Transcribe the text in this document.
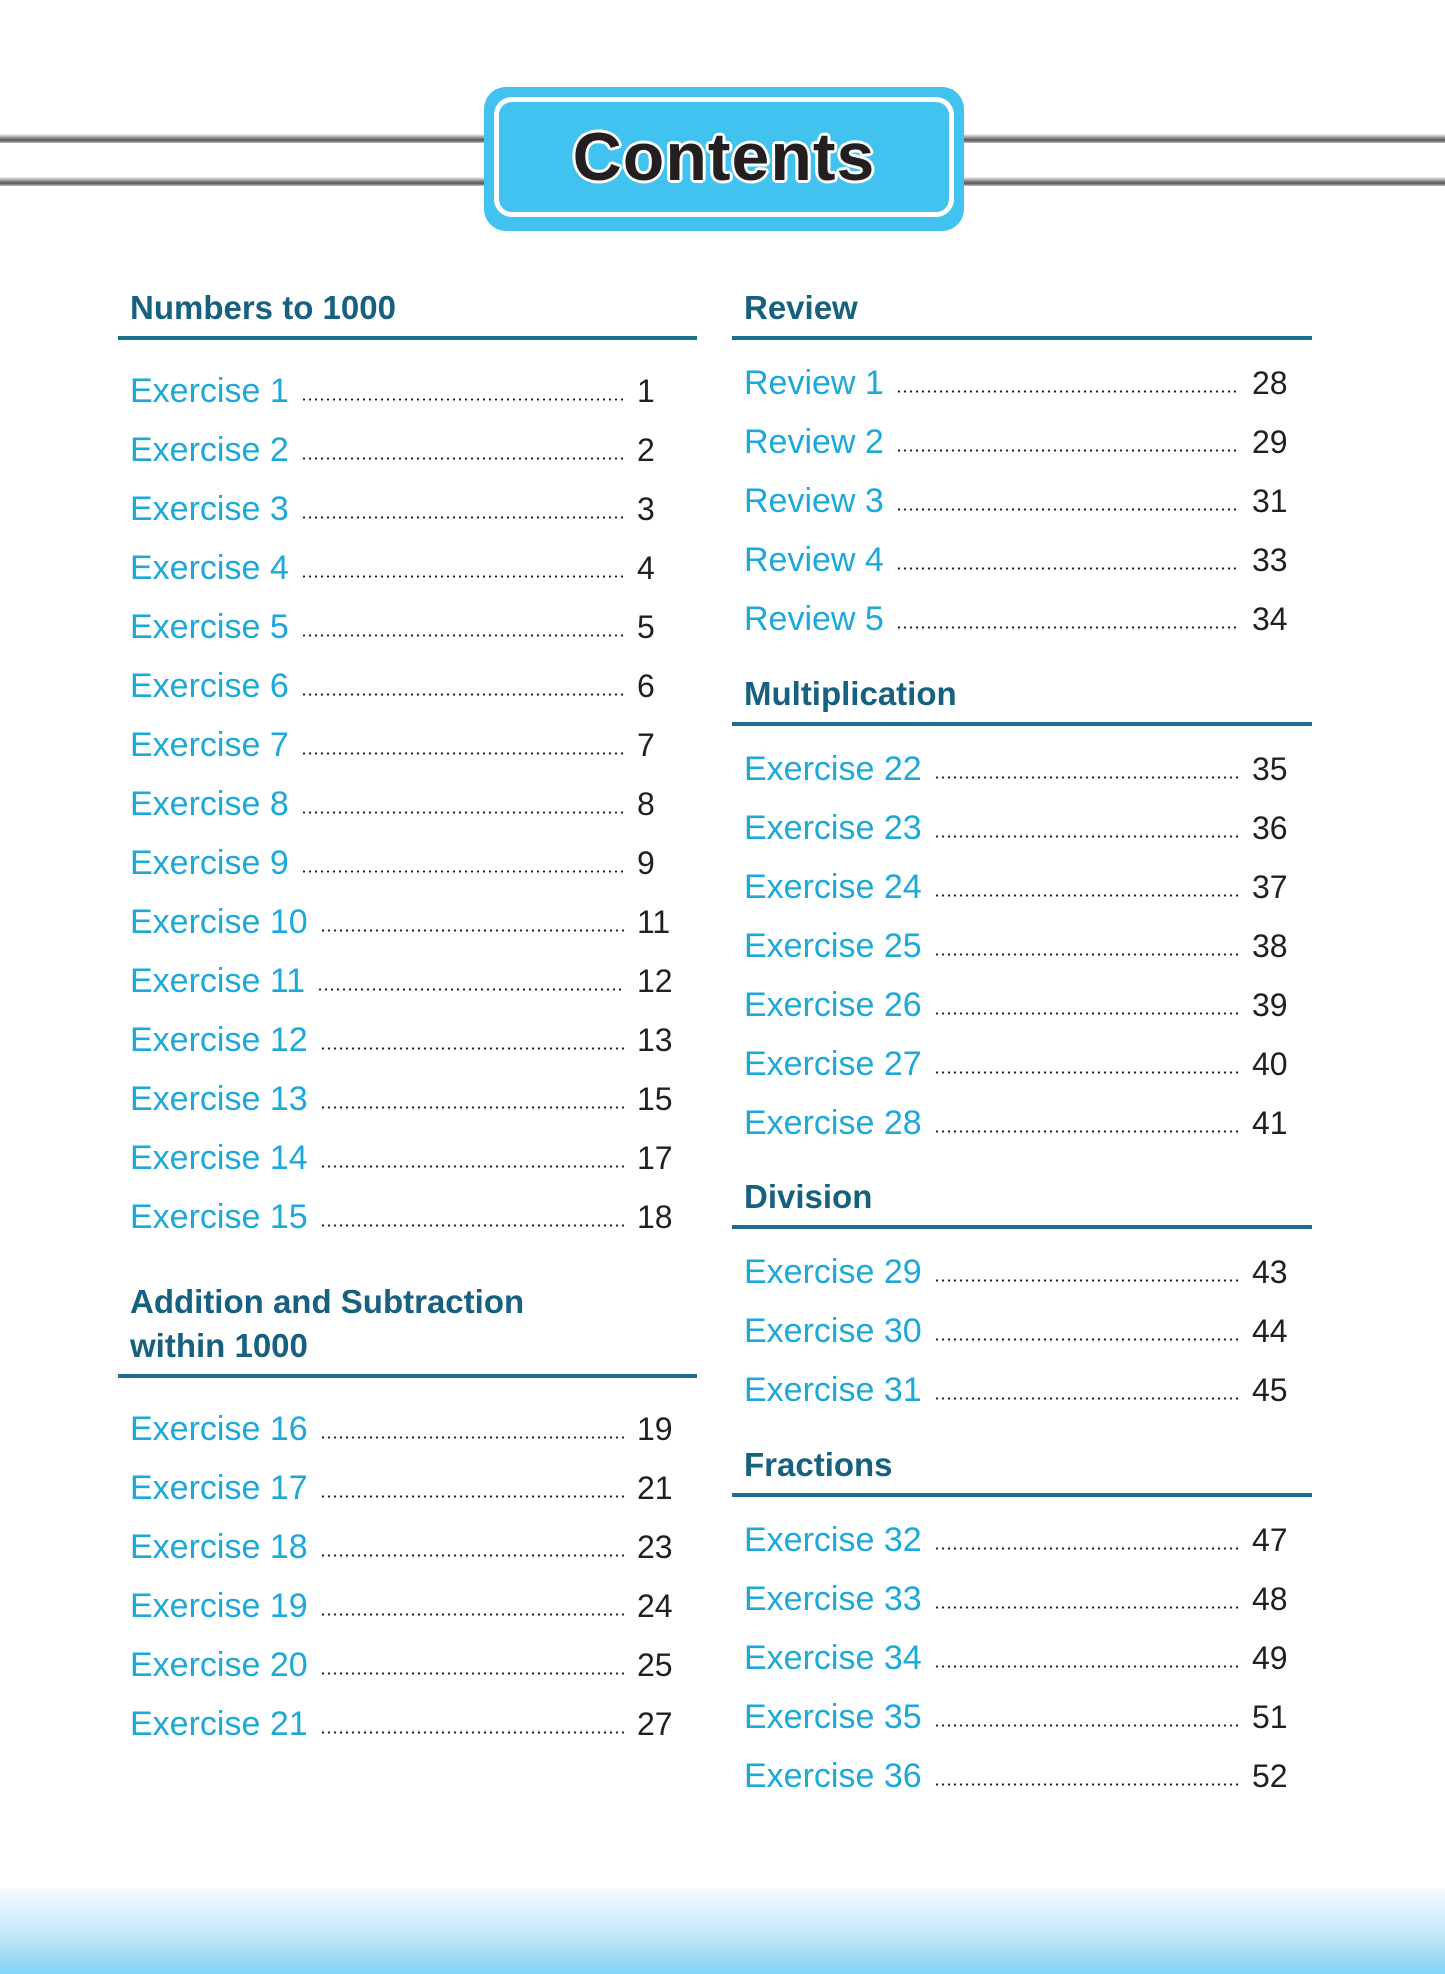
Contents
Numbers to 1000
Exercise 1	1
Exercise 2	2
Exercise 3	3
Exercise 4	4
Exercise 5	5
Exercise 6	6
Exercise 7	7
Exercise 8	8
Exercise 9	9
Exercise 10	11
Exercise 11	12
Exercise 12	13
Exercise 13	15
Exercise 14	17
Exercise 15	18
Addition and Subtraction
within 1000
Exercise 16	19
Exercise 17	21
Exercise 18	23
Exercise 19	24
Exercise 20	25
Exercise 21	27
Review
Review 1	28
Review 2	29
Review 3	31
Review 4	33
Review 5	34
Multiplication
Exercise 22	35
Exercise 23	36
Exercise 24	37
Exercise 25	38
Exercise 26	39
Exercise 27	40
Exercise 28	41
Division
Exercise 29	43
Exercise 30	44
Exercise 31	45
Fractions
Exercise 32	47
Exercise 33	48
Exercise 34	49
Exercise 35	51
Exercise 36	52
